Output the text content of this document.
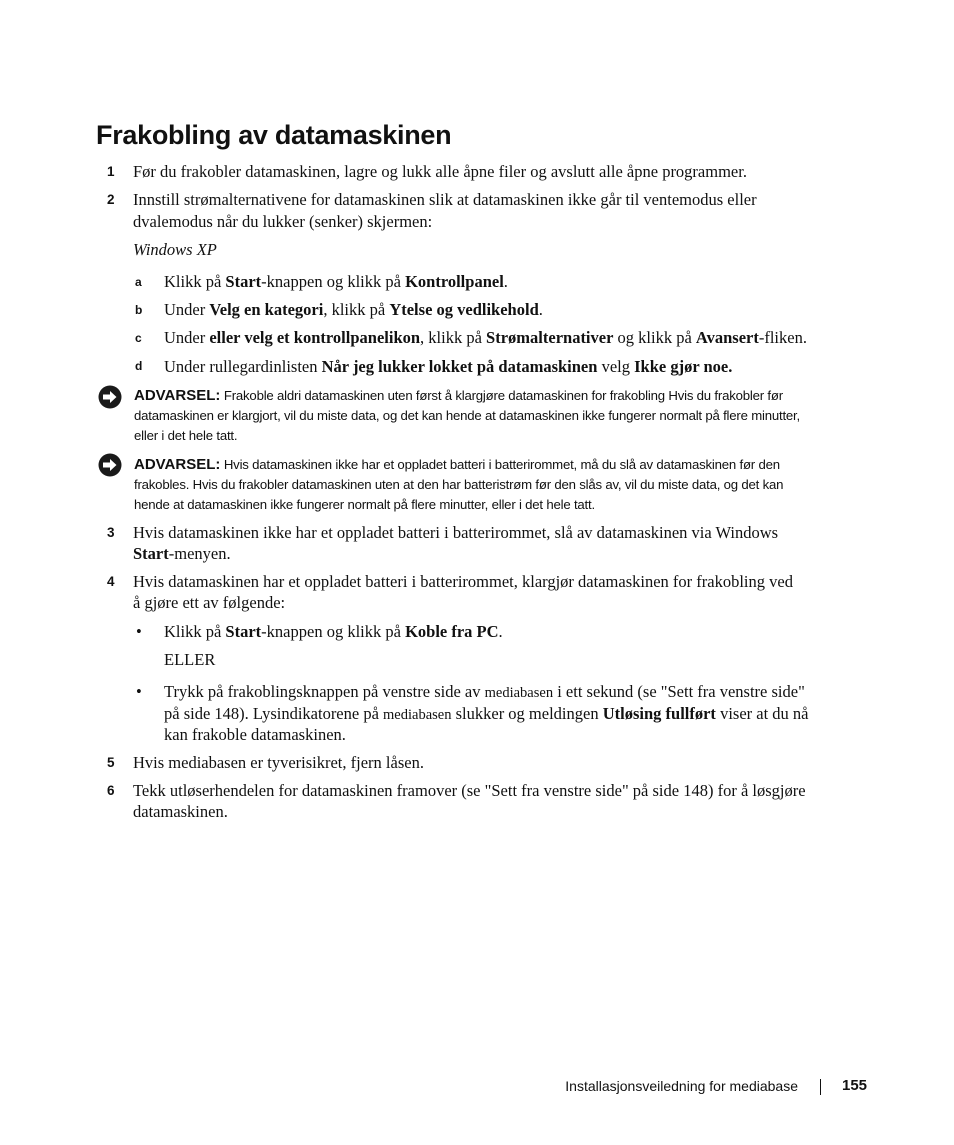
Frakobling av datamaskinen
1 Før du frakobler datamaskinen, lagre og lukk alle åpne filer og avslutt alle åpne programmer.
2 Innstill strømalternativene for datamaskinen slik at datamaskinen ikke går til ventemodus eller
dvalemodus når du lukker (senker) skjermen:
Windows XP
a Klikk på Start-knappen og klikk på Kontrollpanel.
b Under Velg en kategori, klikk på Ytelse og vedlikehold.
c Under eller velg et kontrollpanelikon, klikk på Strømalternativer og klikk på Avansert-fliken.
d Under rullegardinlisten Når jeg lukker lokket på datamaskinen velg Ikke gjør noe.
ADVARSEL: Frakoble aldri datamaskinen uten først å klargjøre datamaskinen for frakobling Hvis du frakobler før
datamaskinen er klargjort, vil du miste data, og det kan hende at datamaskinen ikke fungerer normalt på flere minutter,
eller i det hele tatt.
ADVARSEL: Hvis datamaskinen ikke har et oppladet batteri i batterirommet, må du slå av datamaskinen før den
frakobles. Hvis du frakobler datamaskinen uten at den har batteristrøm før den slås av, vil du miste data, og det kan
hende at datamaskinen ikke fungerer normalt på flere minutter, eller i det hele tatt.
3 Hvis datamaskinen ikke har et oppladet batteri i batterirommet, slå av datamaskinen via Windows
Start-menyen.
4 Hvis datamaskinen har et oppladet batteri i batterirommet, klargjør datamaskinen for frakobling ved
å gjøre ett av følgende:
• Klikk på Start-knappen og klikk på Koble fra PC.
ELLER
• Trykk på frakoblingsknappen på venstre side av mediabasen i ett sekund (se "Sett fra venstre side"
på side 148). Lysindikatorene på mediabasen slukker og meldingen Utløsing fullført viser at du nå
kan frakoble datamaskinen.
5 Hvis mediabasen er tyverisikret, fjern låsen.
6 Tekk utløserhendelen for datamaskinen framover (se "Sett fra venstre side" på side 148) for å løsgjøre
datamaskinen.
Installasjonsveiledning for mediabase	155
